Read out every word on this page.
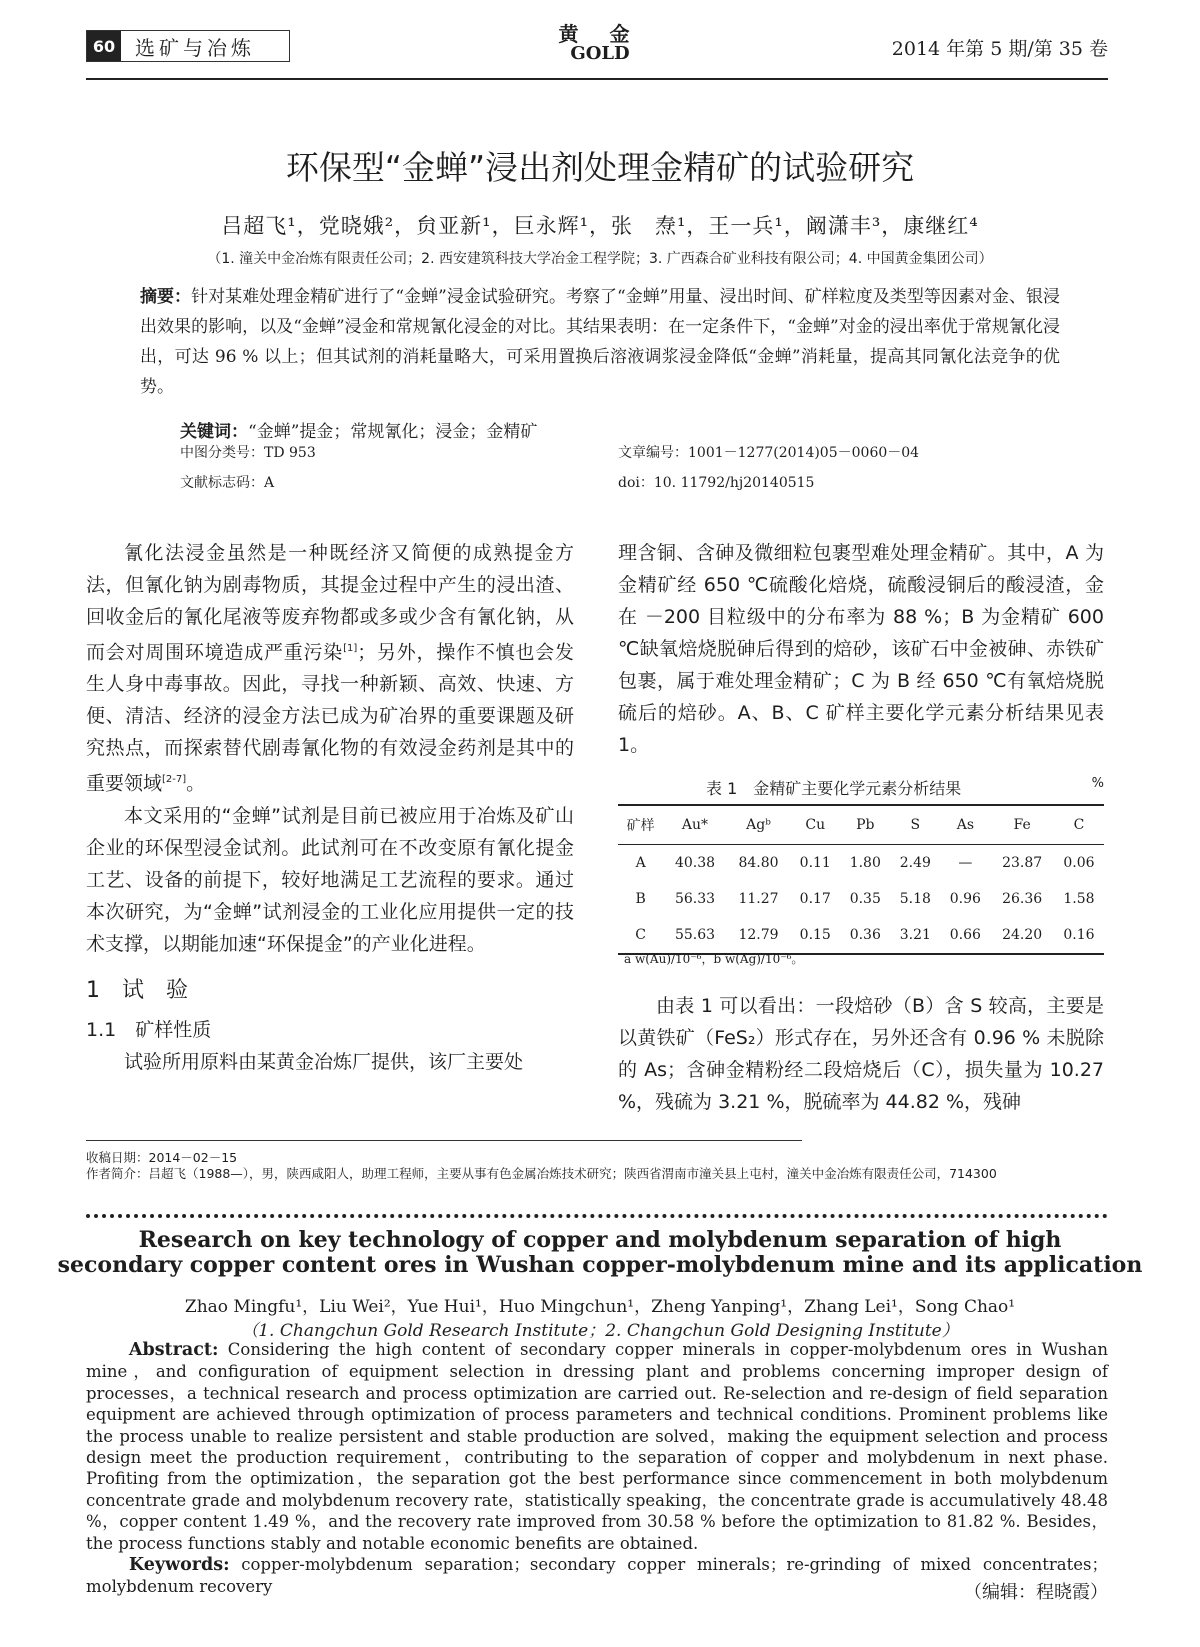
60 选矿与冶炼
黄 金
GOLD	2014 年第 5 期/第 35 卷
环保型“金蝉”浸出剂处理金精矿的试验研究
吕超飞¹，党晓娥²，贠亚新¹，巨永辉¹，张　焘¹，王一兵¹，阚潇丰³，康继红⁴
（1. 潼关中金冶炼有限责任公司；2. 西安建筑科技大学冶金工程学院；3. 广西森合矿业科技有限公司；4. 中国黄金集团公司）
摘要：针对某难处理金精矿进行了“金蝉”浸金试验研究。考察了“金蝉”用量、浸出时间、矿样粒度及类型等因素对金、银浸出效果的影响，以及“金蝉”浸金和常规氰化浸金的对比。其结果表明：在一定条件下，“金蝉”对金的浸出率优于常规氰化浸出，可达 96 % 以上；但其试剂的消耗量略大，可采用置换后溶液调浆浸金降低“金蝉”消耗量，提高其同氰化法竞争的优势。
关键词：“金蝉”提金；常规氰化；浸金；金精矿
中图分类号：TD 953
文献标志码：A
文章编号：1001－1277(2014)05－0060－04
doi：10. 11792/hj20140515
氰化法浸金虽然是一种既经济又简便的成熟提金方法，但氰化钠为剧毒物质，其提金过程中产生的浸出渣、回收金后的氰化尾液等废弃物都或多或少含有氰化钠，从而会对周围环境造成严重污染[1]；另外，操作不慎也会发生人身中毒事故。因此，寻找一种新颖、高效、快速、方便、清洁、经济的浸金方法已成为矿冶界的重要课题及研究热点，而探索替代剧毒氰化物的有效浸金药剂是其中的重要领域[2-7]。
本文采用的“金蝉”试剂是目前已被应用于冶炼及矿山企业的环保型浸金试剂。此试剂可在不改变原有氰化提金工艺、设备的前提下，较好地满足工艺流程的要求。通过本次研究，为“金蝉”试剂浸金的工业化应用提供一定的技术支撑，以期能加速“环保提金”的产业化进程。
1　试　验
1.1　矿样性质
试验所用原料由某黄金冶炼厂提供，该厂主要处
理含铜、含砷及微细粒包裹型难处理金精矿。其中，A 为金精矿经 650 ℃硫酸化焙烧，硫酸浸铜后的酸浸渣，金在 －200 目粒级中的分布率为 88 %；B 为金精矿 600 ℃缺氧焙烧脱砷后得到的焙砂，该矿石中金被砷、赤铁矿包裹，属于难处理金精矿；C 为 B 经 650 ℃有氧焙烧脱硫后的焙砂。A、B、C 矿样主要化学元素分析结果见表 1。
表 1　金精矿主要化学元素分析结果	%
矿样	Au*	Agᵇ	Cu	Pb	S	As	Fe	C
A	40.38	84.80	0.11	1.80	2.49	—	23.87	0.06
B	56.33	11.27	0.17	0.35	5.18	0.96	26.36	1.58
C	55.63	12.79	0.15	0.36	3.21	0.66	24.20	0.16
a w(Au)/10⁻⁶，b w(Ag)/10⁻⁶。
由表 1 可以看出：一段焙砂（B）含 S 较高，主要是以黄铁矿（FeS₂）形式存在，另外还含有 0.96 % 未脱除的 As；含砷金精粉经二段焙烧后（C），损失量为 10.27 %，残硫为 3.21 %，脱硫率为 44.82 %，残砷
收稿日期：2014－02－15
作者简介：吕超飞（1988—），男，陕西咸阳人，助理工程师，主要从事有色金属冶炼技术研究；陕西省渭南市潼关县上屯村，潼关中金冶炼有限责任公司，714300
Research on key technology of copper and molybdenum separation of high
secondary copper content ores in Wushan copper-molybdenum mine and its application
Zhao Mingfu¹，Liu Wei²，Yue Hui¹，Huo Mingchun¹，Zheng Yanping¹，Zhang Lei¹，Song Chao¹
（1. Changchun Gold Research Institute；2. Changchun Gold Designing Institute）
Abstract: Considering the high content of secondary copper minerals in copper-molybdenum ores in Wushan mine，and configuration of equipment selection in dressing plant and problems concerning improper design of processes，a technical research and process optimization are carried out. Re-selection and re-design of field separation equipment are achieved through optimization of process parameters and technical conditions. Prominent problems like the process unable to realize persistent and stable production are solved，making the equipment selection and process design meet the production requirement，contributing to the separation of copper and molybdenum in next phase. Profiting from the optimization，the separation got the best performance since commencement in both molybdenum concentrate grade and molybdenum recovery rate，statistically speaking，the concentrate grade is accumulatively 48.48 %，copper content 1.49 %，and the recovery rate improved from 30.58 % before the optimization to 81.82 %. Besides，the process functions stably and notable economic benefits are obtained.
Keywords: copper-molybdenum separation；secondary copper minerals；re-grinding of mixed concentrates；molybdenum recovery	（编辑：程晓霞）
